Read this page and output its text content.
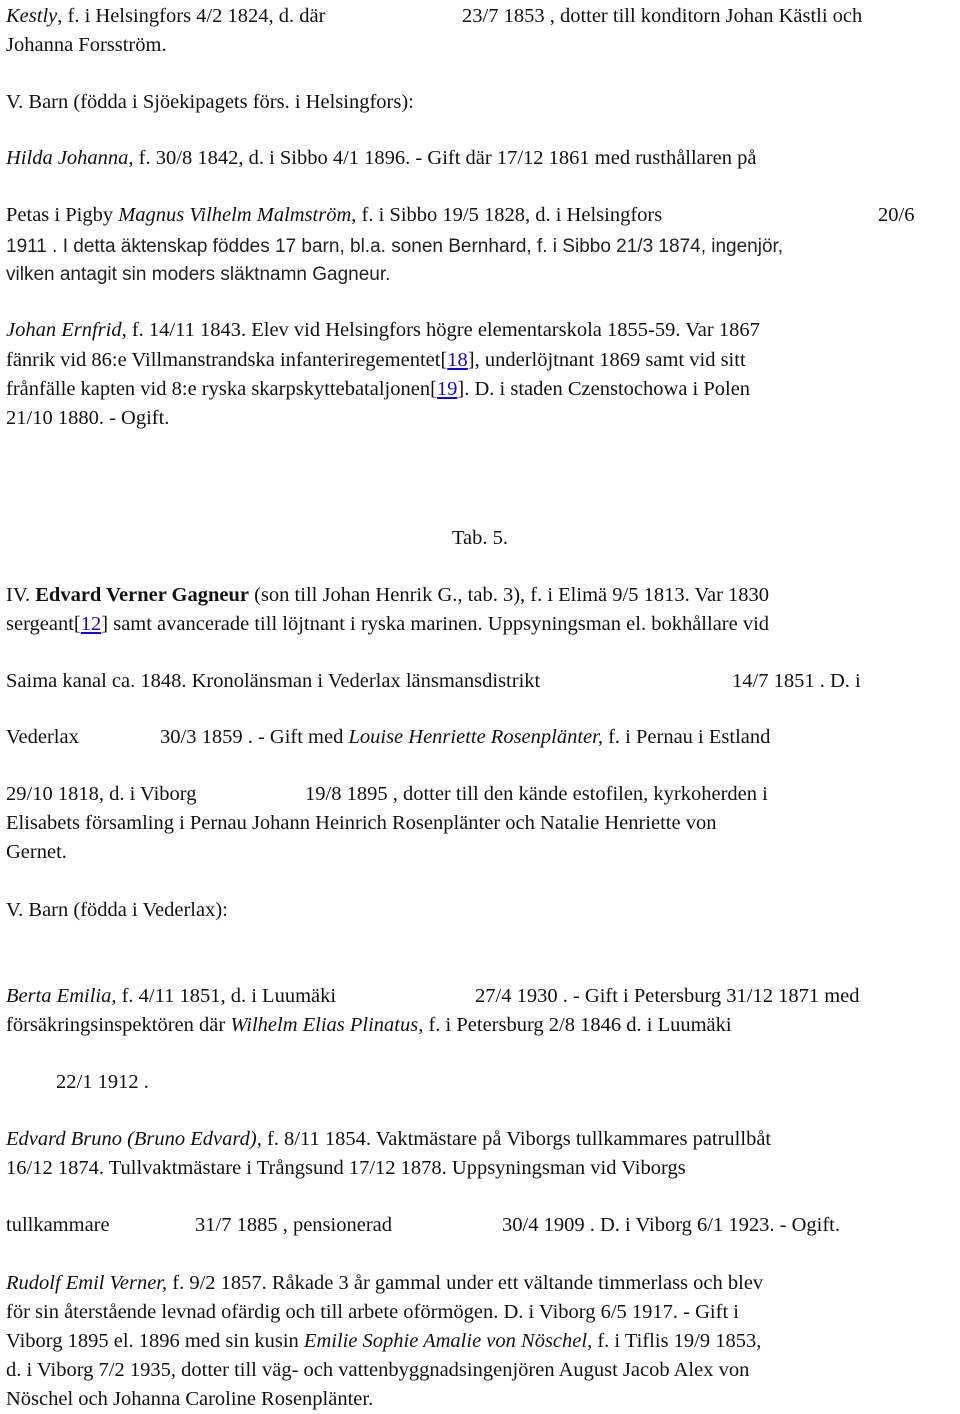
Kestly, f. i Helsingfors 4/2 1824, d. där	23/7 1853 , dotter till konditorn Johan Kästli och
Johanna Forsström.
V. Barn (födda i Sjöekipagets förs. i Helsingfors):
Hilda Johanna, f. 30/8 1842, d. i Sibbo 4/1 1896. - Gift där 17/12 1861 med rusthållaren på
Petas i Pigby Magnus Vilhelm Malmström, f. i Sibbo 19/5 1828, d. i Helsingfors	20/6
1911 . I detta äktenskap föddes 17 barn, bl.a. sonen Bernhard, f. i Sibbo 21/3 1874, ingenjör,
vilken antagit sin moders släktnamn Gagneur.
Johan Ernfrid, f. 14/11 1843. Elev vid Helsingfors högre elementarskola 1855-59. Var 1867
fänrik vid 86:e Villmanstrandska infanteriregementet[18], underlöjtnant 1869 samt vid sitt
frånfälle kapten vid 8:e ryska skarpskyttebataljonen[19]. D. i staden Czenstochowa i Polen
21/10 1880. - Ogift.
Tab. 5.
IV. Edvard Verner Gagneur (son till Johan Henrik G., tab. 3), f. i Elimä 9/5 1813. Var 1830
sergeant[12] samt avancerade till löjtnant i ryska marinen. Uppsyningsman el. bokhållare vid
Saima kanal ca. 1848. Kronolänsman i Vederlax länsmansdistrikt	14/7 1851 . D. i
Vederlax	30/3 1859 . - Gift med Louise Henriette Rosenplänter, f. i Pernau i Estland
29/10 1818, d. i Viborg	19/8 1895 , dotter till den kände estofilen, kyrkoherden i
Elisabets församling i Pernau Johann Heinrich Rosenplänter och Natalie Henriette von
Gernet.
V. Barn (födda i Vederlax):
Berta Emilia, f. 4/11 1851, d. i Luumäki	27/4 1930 . - Gift i Petersburg 31/12 1871 med
försäkringsinspektören där Wilhelm Elias Plinatus, f. i Petersburg 2/8 1846 d. i Luumäki
22/1 1912 .
Edvard Bruno (Bruno Edvard), f. 8/11 1854. Vaktmästare på Viborgs tullkammares patrullbåt
16/12 1874. Tullvaktmästare i Trångsund 17/12 1878. Uppsyningsman vid Viborgs
tullkammare	31/7 1885 , pensionerad	30/4 1909 . D. i Viborg 6/1 1923. - Ogift.
Rudolf Emil Verner, f. 9/2 1857. Råkade 3 år gammal under ett vältande timmerlass och blev
för sin återstående levnad ofärdig och till arbete oförmögen. D. i Viborg 6/5 1917. - Gift i
Viborg 1895 el. 1896 med sin kusin Emilie Sophie Amalie von Nöschel, f. i Tiflis 19/9 1853,
d. i Viborg 7/2 1935, dotter till väg- och vattenbyggnadsingenjören August Jacob Alex von
Nöschel och Johanna Caroline Rosenplänter.
